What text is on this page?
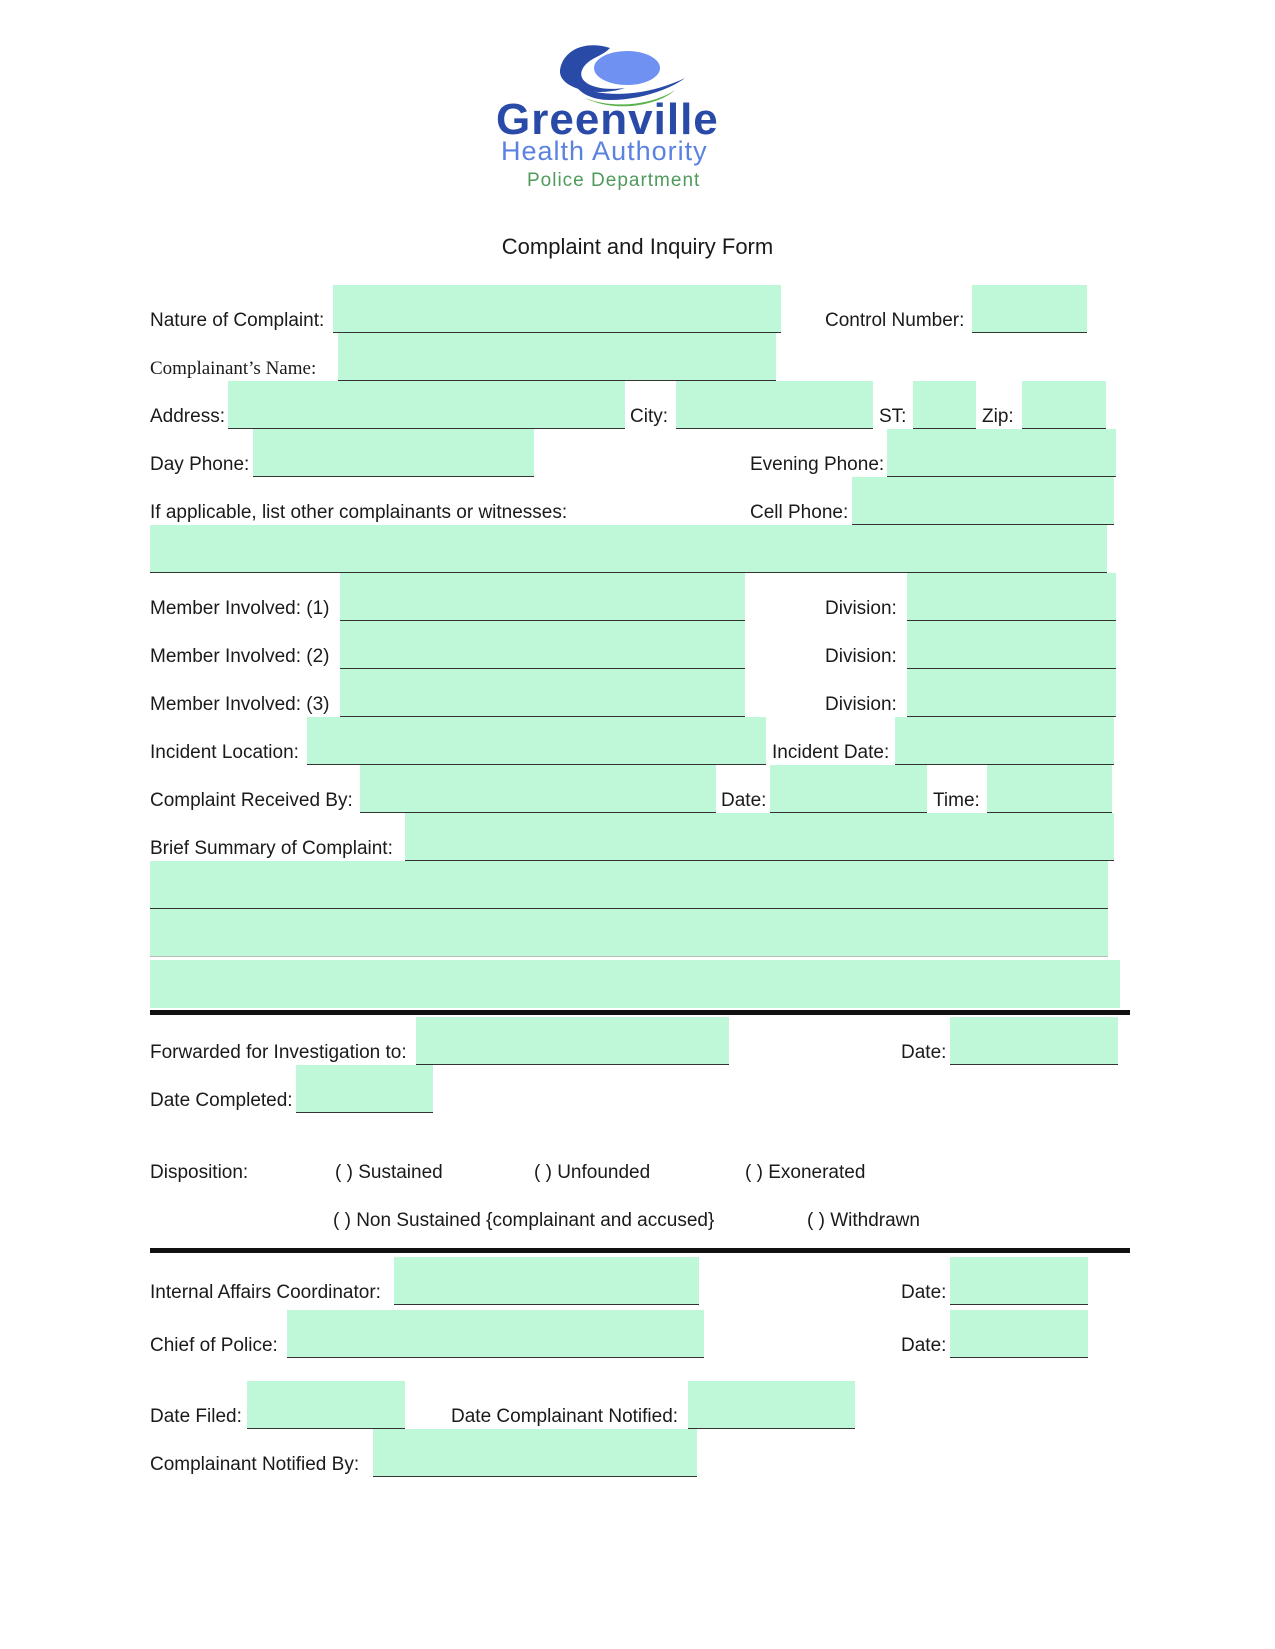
Greenville
Health Authority
Police Department
Complaint and Inquiry Form
Nature of Complaint:	Control Number:
Complainant’s Name:
Address:	City:	ST:	Zip:
Day Phone:	Evening Phone:
If applicable, list other complainants or witnesses:	Cell Phone:
Member Involved: (1)	Division:
Member Involved: (2)	Division:
Member Involved: (3)	Division:
Incident Location:	Incident Date:
Complaint Received By:	Date:	Time:
Brief Summary of Complaint:
Forwarded for Investigation to:	Date:
Date Completed:
Disposition:	( ) Sustained	( ) Unfounded	( ) Exonerated
( ) Non Sustained {complainant and accused}	( ) Withdrawn
Internal Affairs Coordinator:	Date:
Chief of Police:	Date:
Date Filed:	Date Complainant Notified:
Complainant Notified By:
